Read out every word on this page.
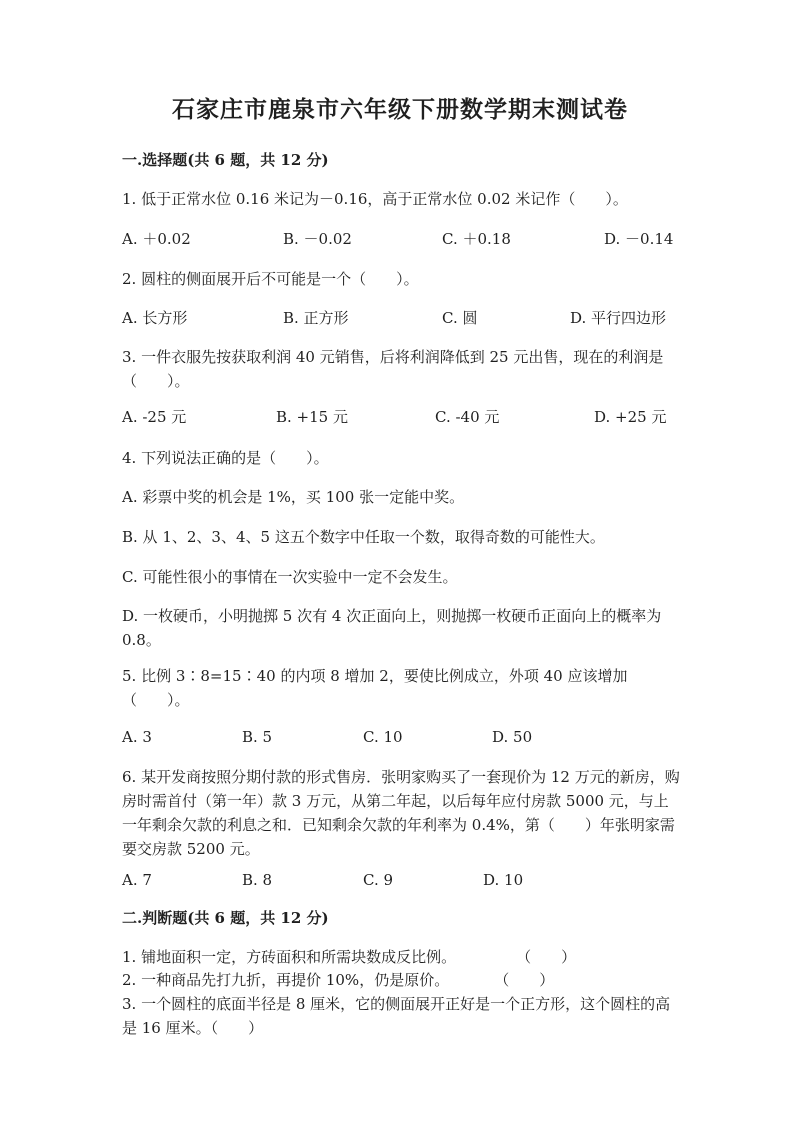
石家庄市鹿泉市六年级下册数学期末测试卷
一.选择题(共 6 题，共 12 分)
1. 低于正常水位 0.16 米记为－0.16，高于正常水位 0.02 米记作（　　）。
A. ＋0.02	B. －0.02	C. ＋0.18	D. －0.14
2. 圆柱的侧面展开后不可能是一个（　　）。
A. 长方形	B. 正方形	C. 圆	D. 平行四边形
3. 一件衣服先按获取利润 40 元销售，后将利润降低到 25 元出售，现在的利润是（　　）。
A. -25 元	B. +15 元	C. -40 元	D. +25 元
4. 下列说法正确的是（　　）。
A. 彩票中奖的机会是 1%，买 100 张一定能中奖。
B. 从 1、2、3、4、5 这五个数字中任取一个数，取得奇数的可能性大。
C. 可能性很小的事情在一次实验中一定不会发生。
D. 一枚硬币，小明抛掷 5 次有 4 次正面向上，则抛掷一枚硬币正面向上的概率为 0.8。
5. 比例 3∶8=15∶40 的内项 8 增加 2，要使比例成立，外项 40 应该增加（　　）。
A. 3	B. 5	C. 10	D. 50
6. 某开发商按照分期付款的形式售房．张明家购买了一套现价为 12 万元的新房，购房时需首付（第一年）款 3 万元，从第二年起，以后每年应付房款 5000 元，与上一年剩余欠款的利息之和．已知剩余欠款的年利率为 0.4%，第（　　）年张明家需要交房款 5200 元。
A. 7	B. 8	C. 9	D. 10
二.判断题(共 6 题，共 12 分)
1. 铺地面积一定，方砖面积和所需块数成反比例。　　　　　（　　）
2. 一种商品先打九折，再提价 10%，仍是原价。　　　　（　　）
3. 一个圆柱的底面半径是 8 厘米，它的侧面展开正好是一个正方形，这个圆柱的高是 16 厘米。（　　）
